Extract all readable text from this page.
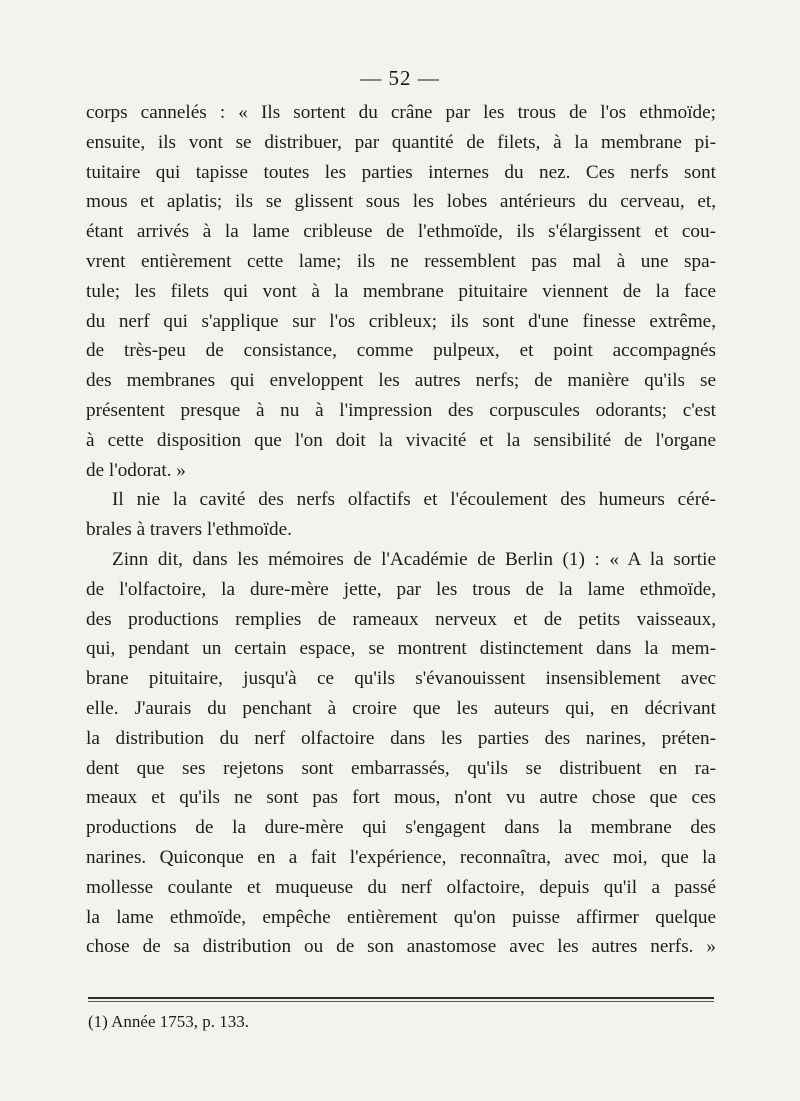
— 52 —
corps cannelés : « Ils sortent du crâne par les trous de l'os ethmoïde;
ensuite, ils vont se distribuer, par quantité de filets, à la membrane pi-
tuitaire qui tapisse toutes les parties internes du nez. Ces nerfs sont
mous et aplatis; ils se glissent sous les lobes antérieurs du cerveau, et,
étant arrivés à la lame cribleuse de l'ethmoïde, ils s'élargissent et cou-
vrent entièrement cette lame; ils ne ressemblent pas mal à une spa-
tule; les filets qui vont à la membrane pituitaire viennent de la face
du nerf qui s'applique sur l'os cribleux; ils sont d'une finesse extrême,
de très-peu de consistance, comme pulpeux, et point accompagnés
des membranes qui enveloppent les autres nerfs; de manière qu'ils se
présentent presque à nu à l'impression des corpuscules odorants; c'est
à cette disposition que l'on doit la vivacité et la sensibilité de l'organe
de l'odorat. »
Il nie la cavité des nerfs olfactifs et l'écoulement des humeurs céré-
brales à travers l'ethmoïde.
Zinn dit, dans les mémoires de l'Académie de Berlin (1) : « A la sortie
de l'olfactoire, la dure-mère jette, par les trous de la lame ethmoïde,
des productions remplies de rameaux nerveux et de petits vaisseaux,
qui, pendant un certain espace, se montrent distinctement dans la mem-
brane pituitaire, jusqu'à ce qu'ils s'évanouissent insensiblement avec
elle. J'aurais du penchant à croire que les auteurs qui, en décrivant
la distribution du nerf olfactoire dans les parties des narines, préten-
dent que ses rejetons sont embarrassés, qu'ils se distribuent en ra-
meaux et qu'ils ne sont pas fort mous, n'ont vu autre chose que ces
productions de la dure-mère qui s'engagent dans la membrane des
narines. Quiconque en a fait l'expérience, reconnaîtra, avec moi, que la
mollesse coulante et muqueuse du nerf olfactoire, depuis qu'il a passé
la lame ethmoïde, empêche entièrement qu'on puisse affirmer quelque
chose de sa distribution ou de son anastomose avec les autres nerfs. »
(1) Année 1753, p. 133.
